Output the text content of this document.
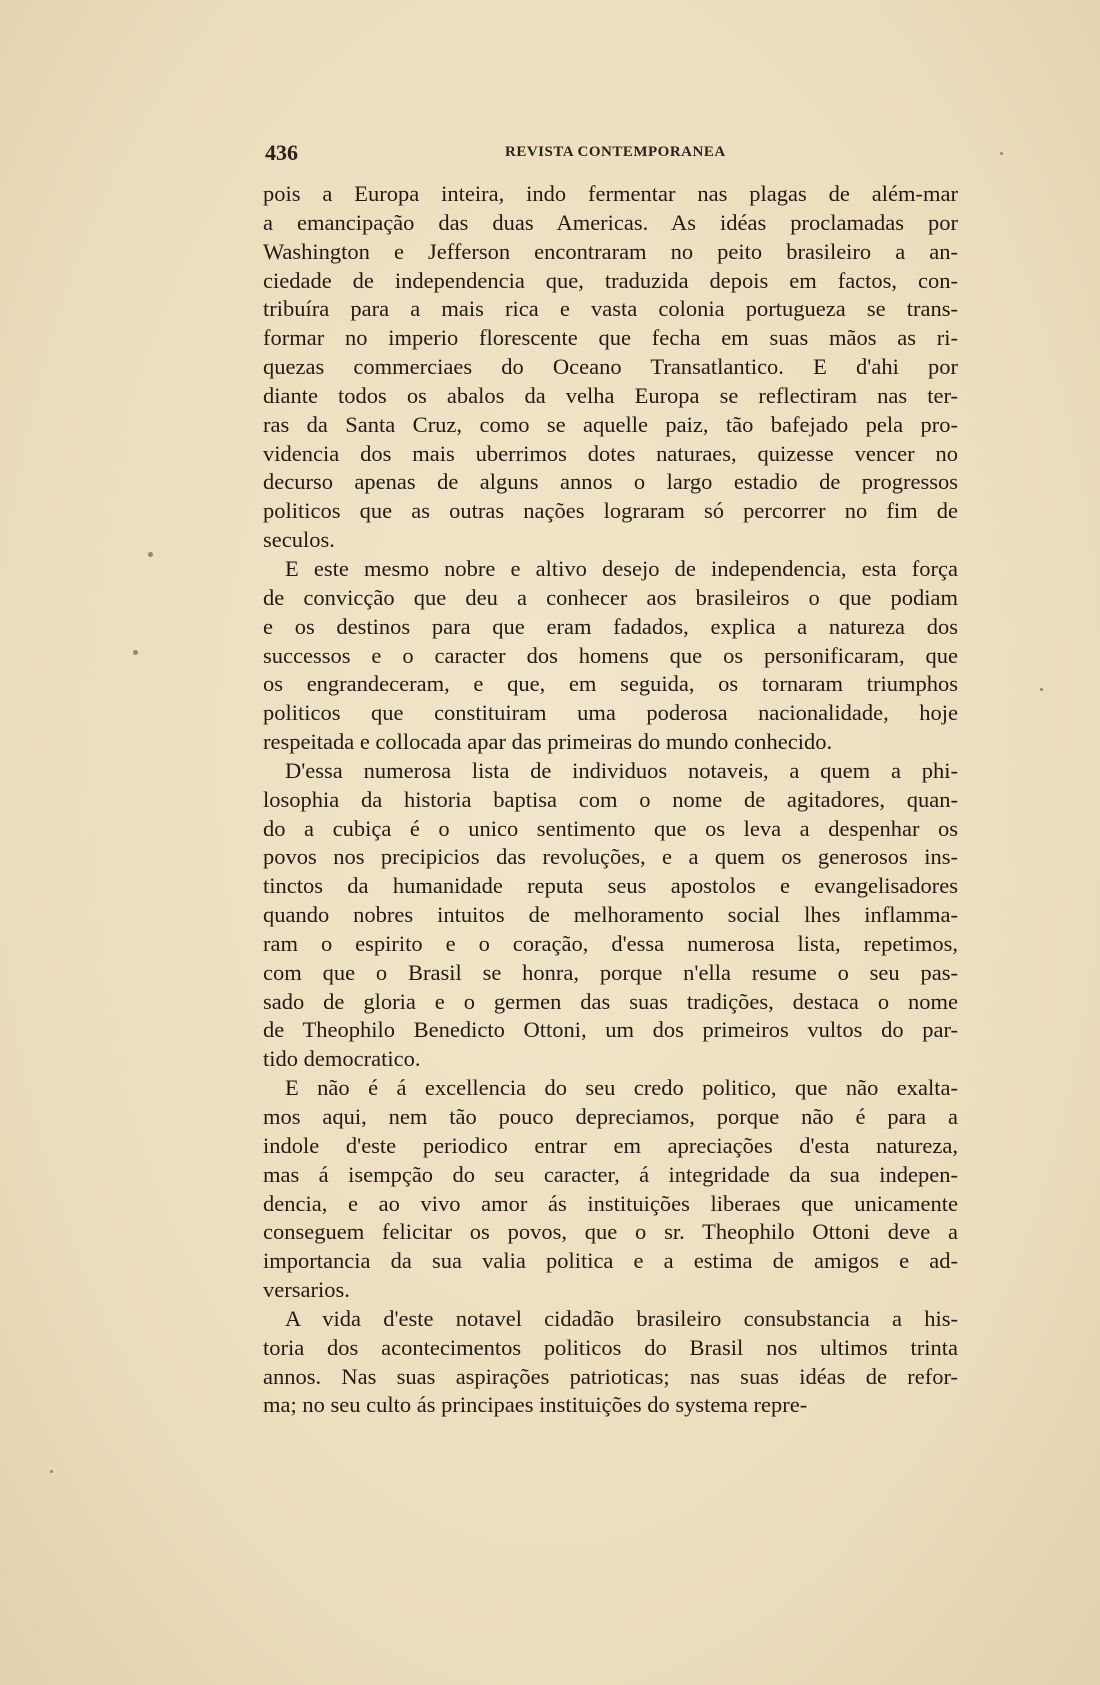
436	REVISTA CONTEMPORANEA
pois a Europa inteira, indo fermentar nas plagas de além-mar
a emancipação das duas Americas. As idéas proclamadas por
Washington e Jefferson encontraram no peito brasileiro a an-
ciedade de independencia que, traduzida depois em factos, con-
tribuíra para a mais rica e vasta colonia portugueza se trans-
formar no imperio florescente que fecha em suas mãos as ri-
quezas commerciaes do Oceano Transatlantico. E d'ahi por
diante todos os abalos da velha Europa se reflectiram nas ter-
ras da Santa Cruz, como se aquelle paiz, tão bafejado pela pro-
videncia dos mais uberrimos dotes naturaes, quizesse vencer no
decurso apenas de alguns annos o largo estadio de progressos
politicos que as outras nações lograram só percorrer no fim de
seculos.
E este mesmo nobre e altivo desejo de independencia, esta força
de convicção que deu a conhecer aos brasileiros o que podiam
e os destinos para que eram fadados, explica a natureza dos
successos e o caracter dos homens que os personificaram, que
os engrandeceram, e que, em seguida, os tornaram triumphos
politicos que constituiram uma poderosa nacionalidade, hoje
respeitada e collocada apar das primeiras do mundo conhecido.
D'essa numerosa lista de individuos notaveis, a quem a phi-
losophia da historia baptisa com o nome de agitadores, quan-
do a cubiça é o unico sentimento que os leva a despenhar os
povos nos precipicios das revoluções, e a quem os generosos ins-
tinctos da humanidade reputa seus apostolos e evangelisadores
quando nobres intuitos de melhoramento social lhes inflamma-
ram o espirito e o coração, d'essa numerosa lista, repetimos,
com que o Brasil se honra, porque n'ella resume o seu pas-
sado de gloria e o germen das suas tradições, destaca o nome
de Theophilo Benedicto Ottoni, um dos primeiros vultos do par-
tido democratico.
E não é á excellencia do seu credo politico, que não exalta-
mos aqui, nem tão pouco depreciamos, porque não é para a
indole d'este periodico entrar em apreciações d'esta natureza,
mas á isempção do seu caracter, á integridade da sua indepen-
dencia, e ao vivo amor ás instituições liberaes que unicamente
conseguem felicitar os povos, que o sr. Theophilo Ottoni deve a
importancia da sua valia politica e a estima de amigos e ad-
versarios.
A vida d'este notavel cidadão brasileiro consubstancia a his-
toria dos acontecimentos politicos do Brasil nos ultimos trinta
annos. Nas suas aspirações patrioticas; nas suas idéas de refor-
ma; no seu culto ás principaes instituições do systema repre-
